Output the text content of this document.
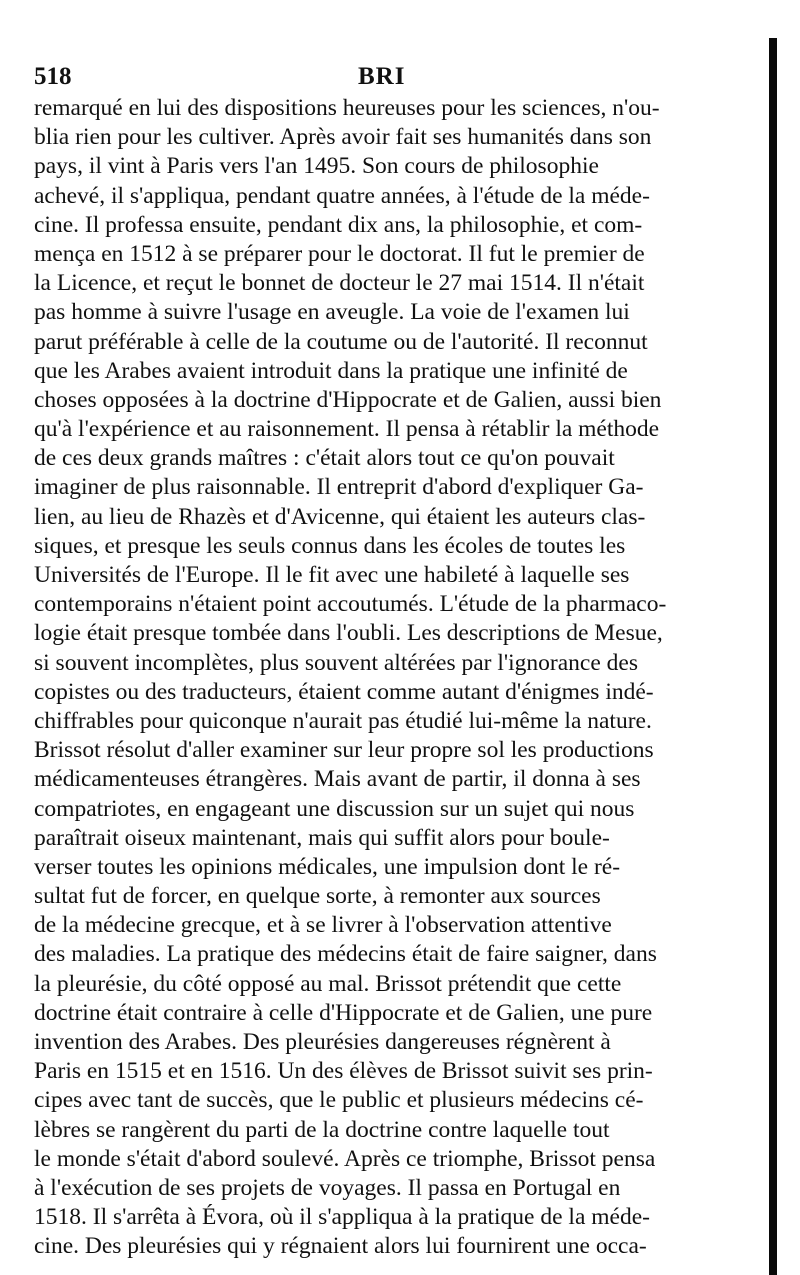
518	BRI
remarqué en lui des dispositions heureuses pour les sciences, n'ou-
blia rien pour les cultiver. Après avoir fait ses humanités dans son
pays, il vint à Paris vers l'an 1495. Son cours de philosophie
achevé, il s'appliqua, pendant quatre années, à l'étude de la méde-
cine. Il professa ensuite, pendant dix ans, la philosophie, et com-
mença en 1512 à se préparer pour le doctorat. Il fut le premier de
la Licence, et reçut le bonnet de docteur le 27 mai 1514. Il n'était
pas homme à suivre l'usage en aveugle. La voie de l'examen lui
parut préférable à celle de la coutume ou de l'autorité. Il reconnut
que les Arabes avaient introduit dans la pratique une infinité de
choses opposées à la doctrine d'Hippocrate et de Galien, aussi bien
qu'à l'expérience et au raisonnement. Il pensa à rétablir la méthode
de ces deux grands maîtres : c'était alors tout ce qu'on pouvait
imaginer de plus raisonnable. Il entreprit d'abord d'expliquer Ga-
lien, au lieu de Rhazès et d'Avicenne, qui étaient les auteurs clas-
siques, et presque les seuls connus dans les écoles de toutes les
Universités de l'Europe. Il le fit avec une habileté à laquelle ses
contemporains n'étaient point accoutumés. L'étude de la pharmaco-
logie était presque tombée dans l'oubli. Les descriptions de Mesue,
si souvent incomplètes, plus souvent altérées par l'ignorance des
copistes ou des traducteurs, étaient comme autant d'énigmes indé-
chiffrables pour quiconque n'aurait pas étudié lui-même la nature.
Brissot résolut d'aller examiner sur leur propre sol les productions
médicamenteuses étrangères. Mais avant de partir, il donna à ses
compatriotes, en engageant une discussion sur un sujet qui nous
paraîtrait oiseux maintenant, mais qui suffit alors pour boule-
verser toutes les opinions médicales, une impulsion dont le ré-
sultat fut de forcer, en quelque sorte, à remonter aux sources
de la médecine grecque, et à se livrer à l'observation attentive
des maladies. La pratique des médecins était de faire saigner, dans
la pleurésie, du côté opposé au mal. Brissot prétendit que cette
doctrine était contraire à celle d'Hippocrate et de Galien, une pure
invention des Arabes. Des pleurésies dangereuses régnèrent à
Paris en 1515 et en 1516. Un des élèves de Brissot suivit ses prin-
cipes avec tant de succès, que le public et plusieurs médecins cé-
lèbres se rangèrent du parti de la doctrine contre laquelle tout
le monde s'était d'abord soulevé. Après ce triomphe, Brissot pensa
à l'exécution de ses projets de voyages. Il passa en Portugal en
1518. Il s'arrêta à Évora, où il s'appliqua à la pratique de la méde-
cine. Des pleurésies qui y régnaient alors lui fournirent une occa-
